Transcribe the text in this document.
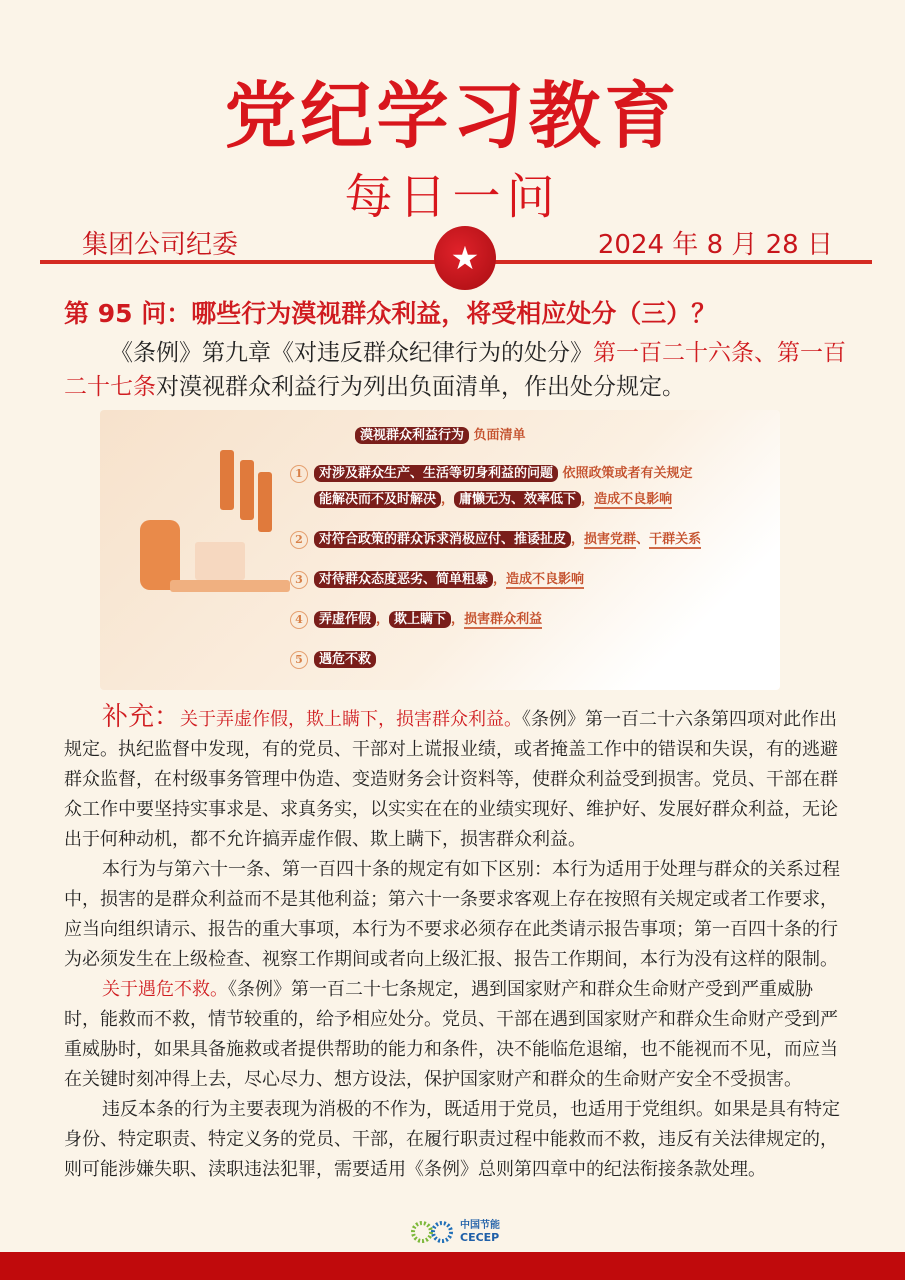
党纪学习教育
每日一问
集团公司纪委	2024 年 8 月 28 日
★
第 95 问：哪些行为漠视群众利益，将受相应处分（三）？
《条例》第九章《对违反群众纪律行为的处分》第一百二十六条、第一百二十七条对漠视群众利益行为列出负面清单，作出处分规定。
漠视群众利益行为 负面清单
1 对涉及群众生产、生活等切身利益的问题 依照政策或者有关规定
能解决而不及时解决 ， 庸懒无为、效率低下 ，造成不良影响
2 对符合政策的群众诉求消极应付、推诿扯皮 ，损害党群、干群关系
3 对待群众态度恶劣、简单粗暴 ，造成不良影响
4 弄虚作假 ， 欺上瞒下 ，损害群众利益
5 遇危不救

补充：关于弄虚作假，欺上瞒下，损害群众利益。《条例》第一百二十六条第四项对此作出规定。执纪监督中发现，有的党员、干部对上谎报业绩，或者掩盖工作中的错误和失误，有的逃避群众监督，在村级事务管理中伪造、变造财务会计资料等，使群众利益受到损害。党员、干部在群众工作中要坚持实事求是、求真务实，以实实在在的业绩实现好、维护好、发展好群众利益，无论出于何种动机，都不允许搞弄虚作假、欺上瞒下，损害群众利益。

本行为与第六十一条、第一百四十条的规定有如下区别：本行为适用于处理与群众的关系过程中，损害的是群众利益而不是其他利益；第六十一条要求客观上存在按照有关规定或者工作要求，应当向组织请示、报告的重大事项，本行为不要求必须存在此类请示报告事项；第一百四十条的行为必须发生在上级检查、视察工作期间或者向上级汇报、报告工作期间，本行为没有这样的限制。

关于遇危不救。《条例》第一百二十七条规定，遇到国家财产和群众生命财产受到严重威胁时，能救而不救，情节较重的，给予相应处分。党员、干部在遇到国家财产和群众生命财产受到严重威胁时，如果具备施救或者提供帮助的能力和条件，决不能临危退缩，也不能视而不见，而应当在关键时刻冲得上去，尽心尽力、想方设法，保护国家财产和群众的生命财产安全不受损害。

违反本条的行为主要表现为消极的不作为，既适用于党员，也适用于党组织。如果是具有特定身份、特定职责、特定义务的党员、干部，在履行职责过程中能救而不救，违反有关法律规定的，则可能涉嫌失职、渎职违法犯罪，需要适用《条例》总则第四章中的纪法衔接条款处理。

中国节能
CECEP
